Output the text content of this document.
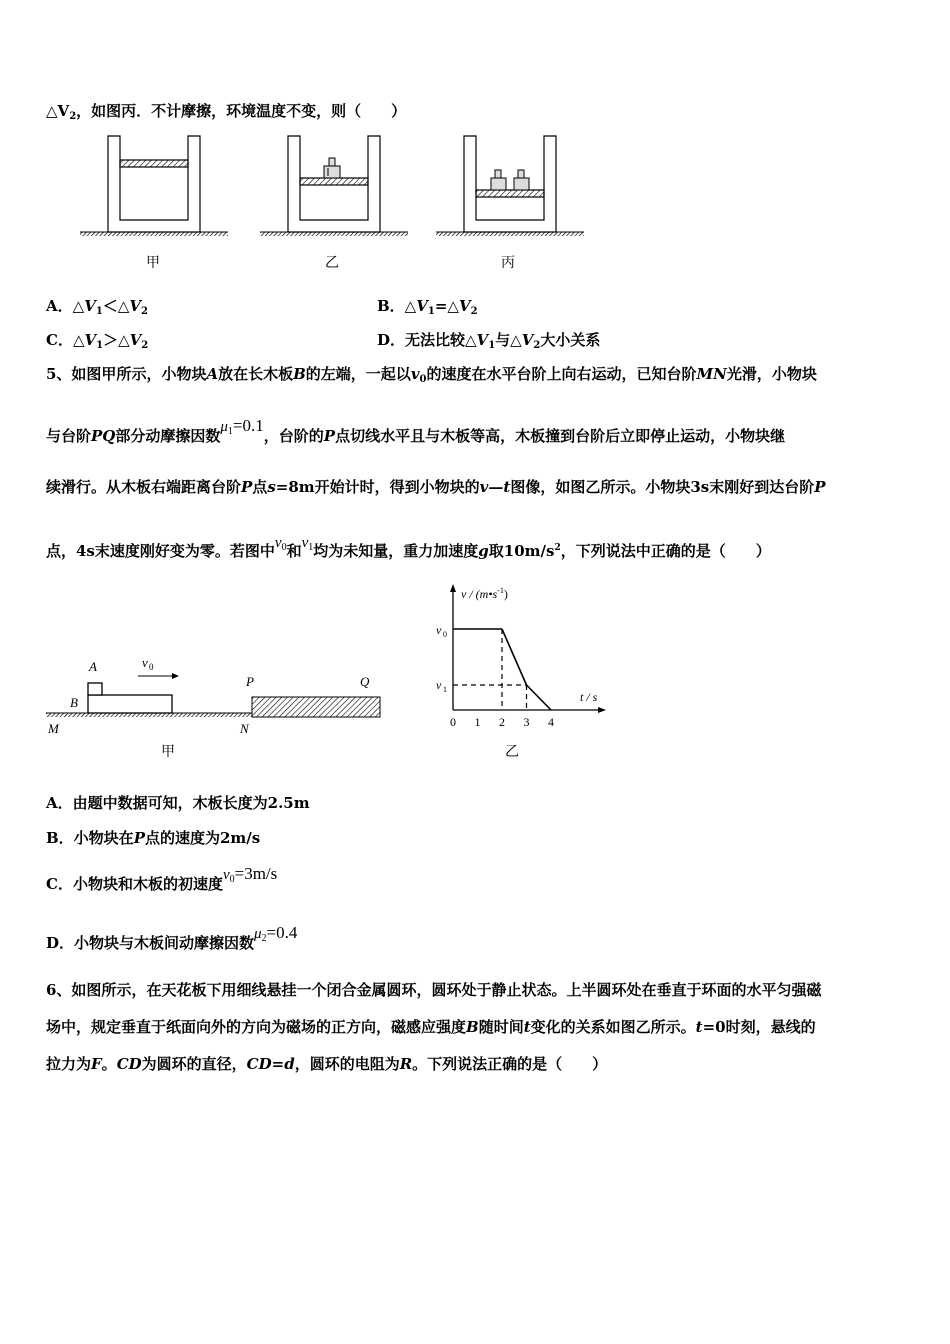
$\triangle V_2$，如图丙．不计摩擦，环境温度不变，则（　　）
甲	乙	丙
A．$\triangle V_1<\triangle V_2$	B．$\triangle V_1=\triangle V_2$
C．$\triangle V_1>\triangle V_2$	D．无法比较$\triangle V_1$与$\triangle V_2$大小关系
5、如图甲所示，小物块A放在长木板B的左端，一起以$v_0$的速度在水平台阶上向右运动，已知台阶MN光滑，小物块
与台阶PQ部分动摩擦因数$\mu_1=0.1$，台阶的P点切线水平且与木板等高，木板撞到台阶后立即停止运动，小物块继
续滑行。从木板右端距离台阶P点s=8m开始计时，得到小物块的v—t图像，如图乙所示。小物块3s末刚好到达台阶P
点，4s末速度刚好变为零。若图中$v_0$和$v_1$均为未知量，重力加速度g取$10m/s^2$，下列说法中正确的是（　　）
A
B
v 0
P	Q
M	N
甲
0 1 2 3 4
v / $(m•s^{-1})$
t / s
v 0
v 1
乙
A．由题中数据可知，木板长度为2.5m
B．小物块在P点的速度为2m/s
C．小物块和木板的初速度$v_0=3m/s$
D．小物块与木板间动摩擦因数$\mu_2=0.4$
6、如图所示，在天花板下用细线悬挂一个闭合金属圆环，圆环处于静止状态。上半圆环处在垂直于环面的水平匀强磁
场中，规定垂直于纸面向外的方向为磁场的正方向，磁感应强度B随时间t变化的关系如图乙所示。t=0时刻，悬线的
拉力为F。CD为圆环的直径，CD=d，圆环的电阻为R。下列说法正确的是（　　）
